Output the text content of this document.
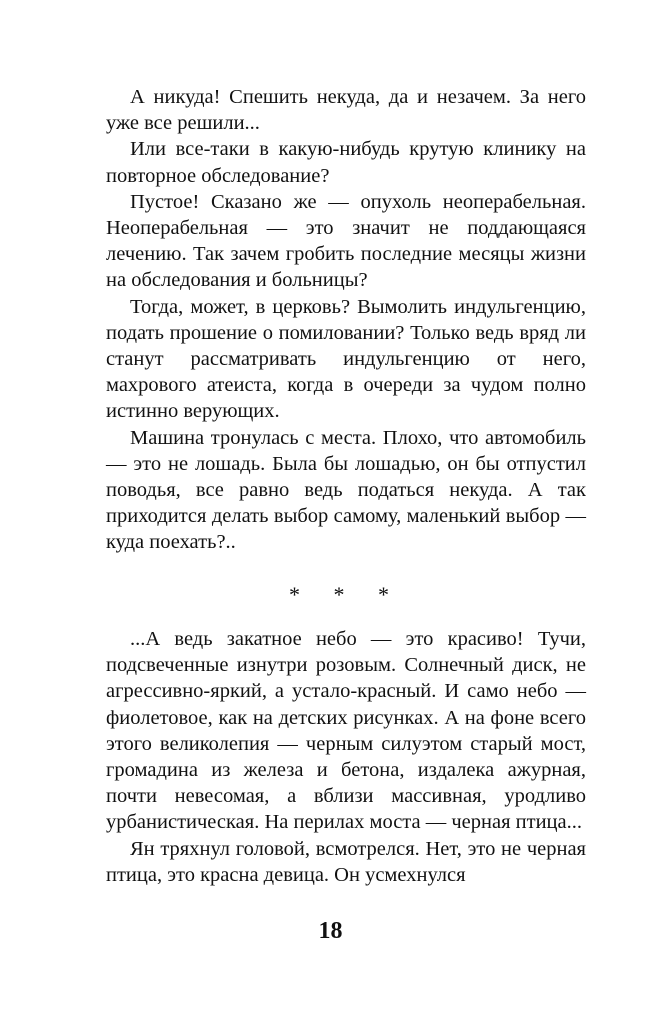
А никуда! Спешить некуда, да и незачем. За него уже все решили...

Или все-таки в какую-нибудь крутую клинику на повторное обследование?

Пустое! Сказано же — опухоль неоперабельная. Неоперабельная — это значит не поддающаяся лечению. Так зачем гробить последние месяцы жизни на обследования и больницы?

Тогда, может, в церковь? Вымолить индульгенцию, подать прошение о помиловании? Только ведь вряд ли станут рассматривать индульгенцию от него, махрового атеиста, когда в очереди за чудом полно истинно верующих.

Машина тронулась с места. Плохо, что автомобиль — это не лошадь. Была бы лошадью, он бы отпустил поводья, все равно ведь податься некуда. А так приходится делать выбор самому, маленький выбор — куда поехать?..

* * *

...А ведь закатное небо — это красиво! Тучи, подсвеченные изнутри розовым. Солнечный диск, не агрессивно-яркий, а устало-красный. И само небо — фиолетовое, как на детских рисунках. А на фоне всего этого великолепия — черным силуэтом старый мост, громадина из железа и бетона, издалека ажурная, почти невесомая, а вблизи массивная, уродливо урбанистическая. На перилах моста — черная птица...

Ян тряхнул головой, всмотрелся. Нет, это не черная птица, это красна девица. Он усмехнулся

18
